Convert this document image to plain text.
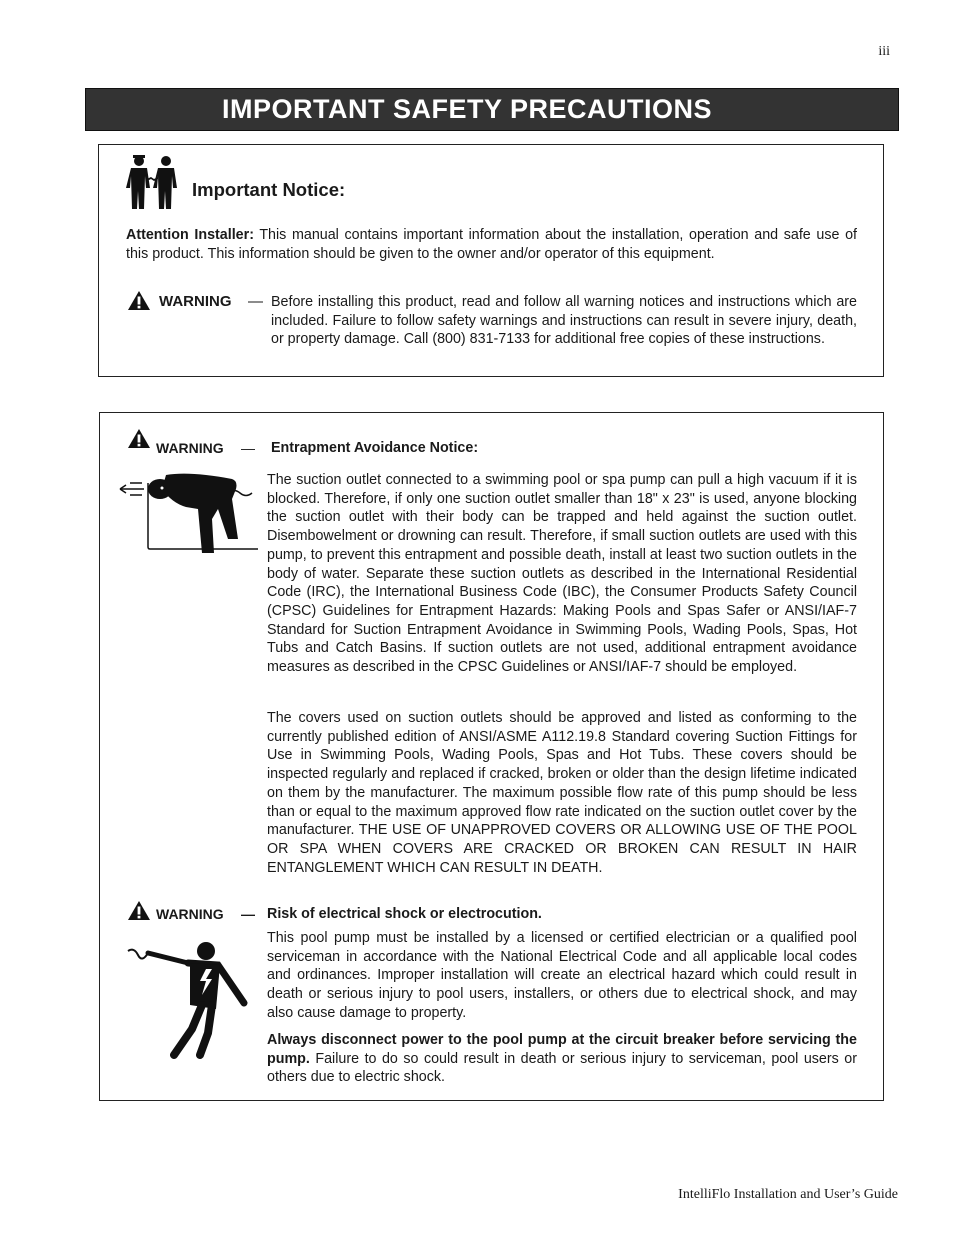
iii
IMPORTANT SAFETY PRECAUTIONS
Important Notice:

Attention Installer: This manual contains important information about the installation, operation and safe use of this product. This information should be given to the owner and/or operator of this equipment.

WARNING — Before installing this product, read and follow all warning notices and instructions which are included. Failure to follow safety warnings and instructions can result in severe injury, death, or property damage. Call (800) 831-7133 for additional free copies of these instructions.

WARNING — Entrapment Avoidance Notice:

The suction outlet connected to a swimming pool or spa pump can pull a high vacuum if it is blocked. Therefore, if only one suction outlet smaller than 18" x 23" is used, anyone blocking the suction outlet with their body can be trapped and held against the suction outlet. Disembowelment or drowning can result. Therefore, if small suction outlets are used with this pump, to prevent this entrapment and possible death, install at least two suction outlets in the body of water. Separate these suction outlets as described in the International Residential Code (IRC), the International Business Code (IBC), the Consumer Products Safety Council (CPSC) Guidelines for Entrapment Hazards: Making Pools and Spas Safer or ANSI/IAF-7 Standard for Suction Entrapment Avoidance in Swimming Pools, Wading Pools, Spas, Hot Tubs and Catch Basins. If suction outlets are not used, additional entrapment avoidance measures as described in the CPSC Guidelines or ANSI/IAF-7 should be employed.

The covers used on suction outlets should be approved and listed as conforming to the currently published edition of ANSI/ASME A112.19.8 Standard covering Suction Fittings for Use in Swimming Pools, Wading Pools, Spas and Hot Tubs. These covers should be inspected regularly and replaced if cracked, broken or older than the design lifetime indicated on them by the manufacturer. The maximum possible flow rate of this pump should be less than or equal to the maximum approved flow rate indicated on the suction outlet cover by the manufacturer. THE USE OF UNAPPROVED COVERS OR ALLOWING USE OF THE POOL OR SPA WHEN COVERS ARE CRACKED OR BROKEN CAN RESULT IN HAIR ENTANGLEMENT WHICH CAN RESULT IN DEATH.

WARNING — Risk of electrical shock or electrocution.

This pool pump must be installed by a licensed or certified electrician or a qualified pool serviceman in accordance with the National Electrical Code and all applicable local codes and ordinances. Improper installation will create an electrical hazard which could result in death or serious injury to pool users, installers, or others due to electrical shock, and may also cause damage to property.

Always disconnect power to the pool pump at the circuit breaker before servicing the pump. Failure to do so could result in death or serious injury to serviceman, pool users or others due to electric shock.

IntelliFlo Installation and User’s Guide
